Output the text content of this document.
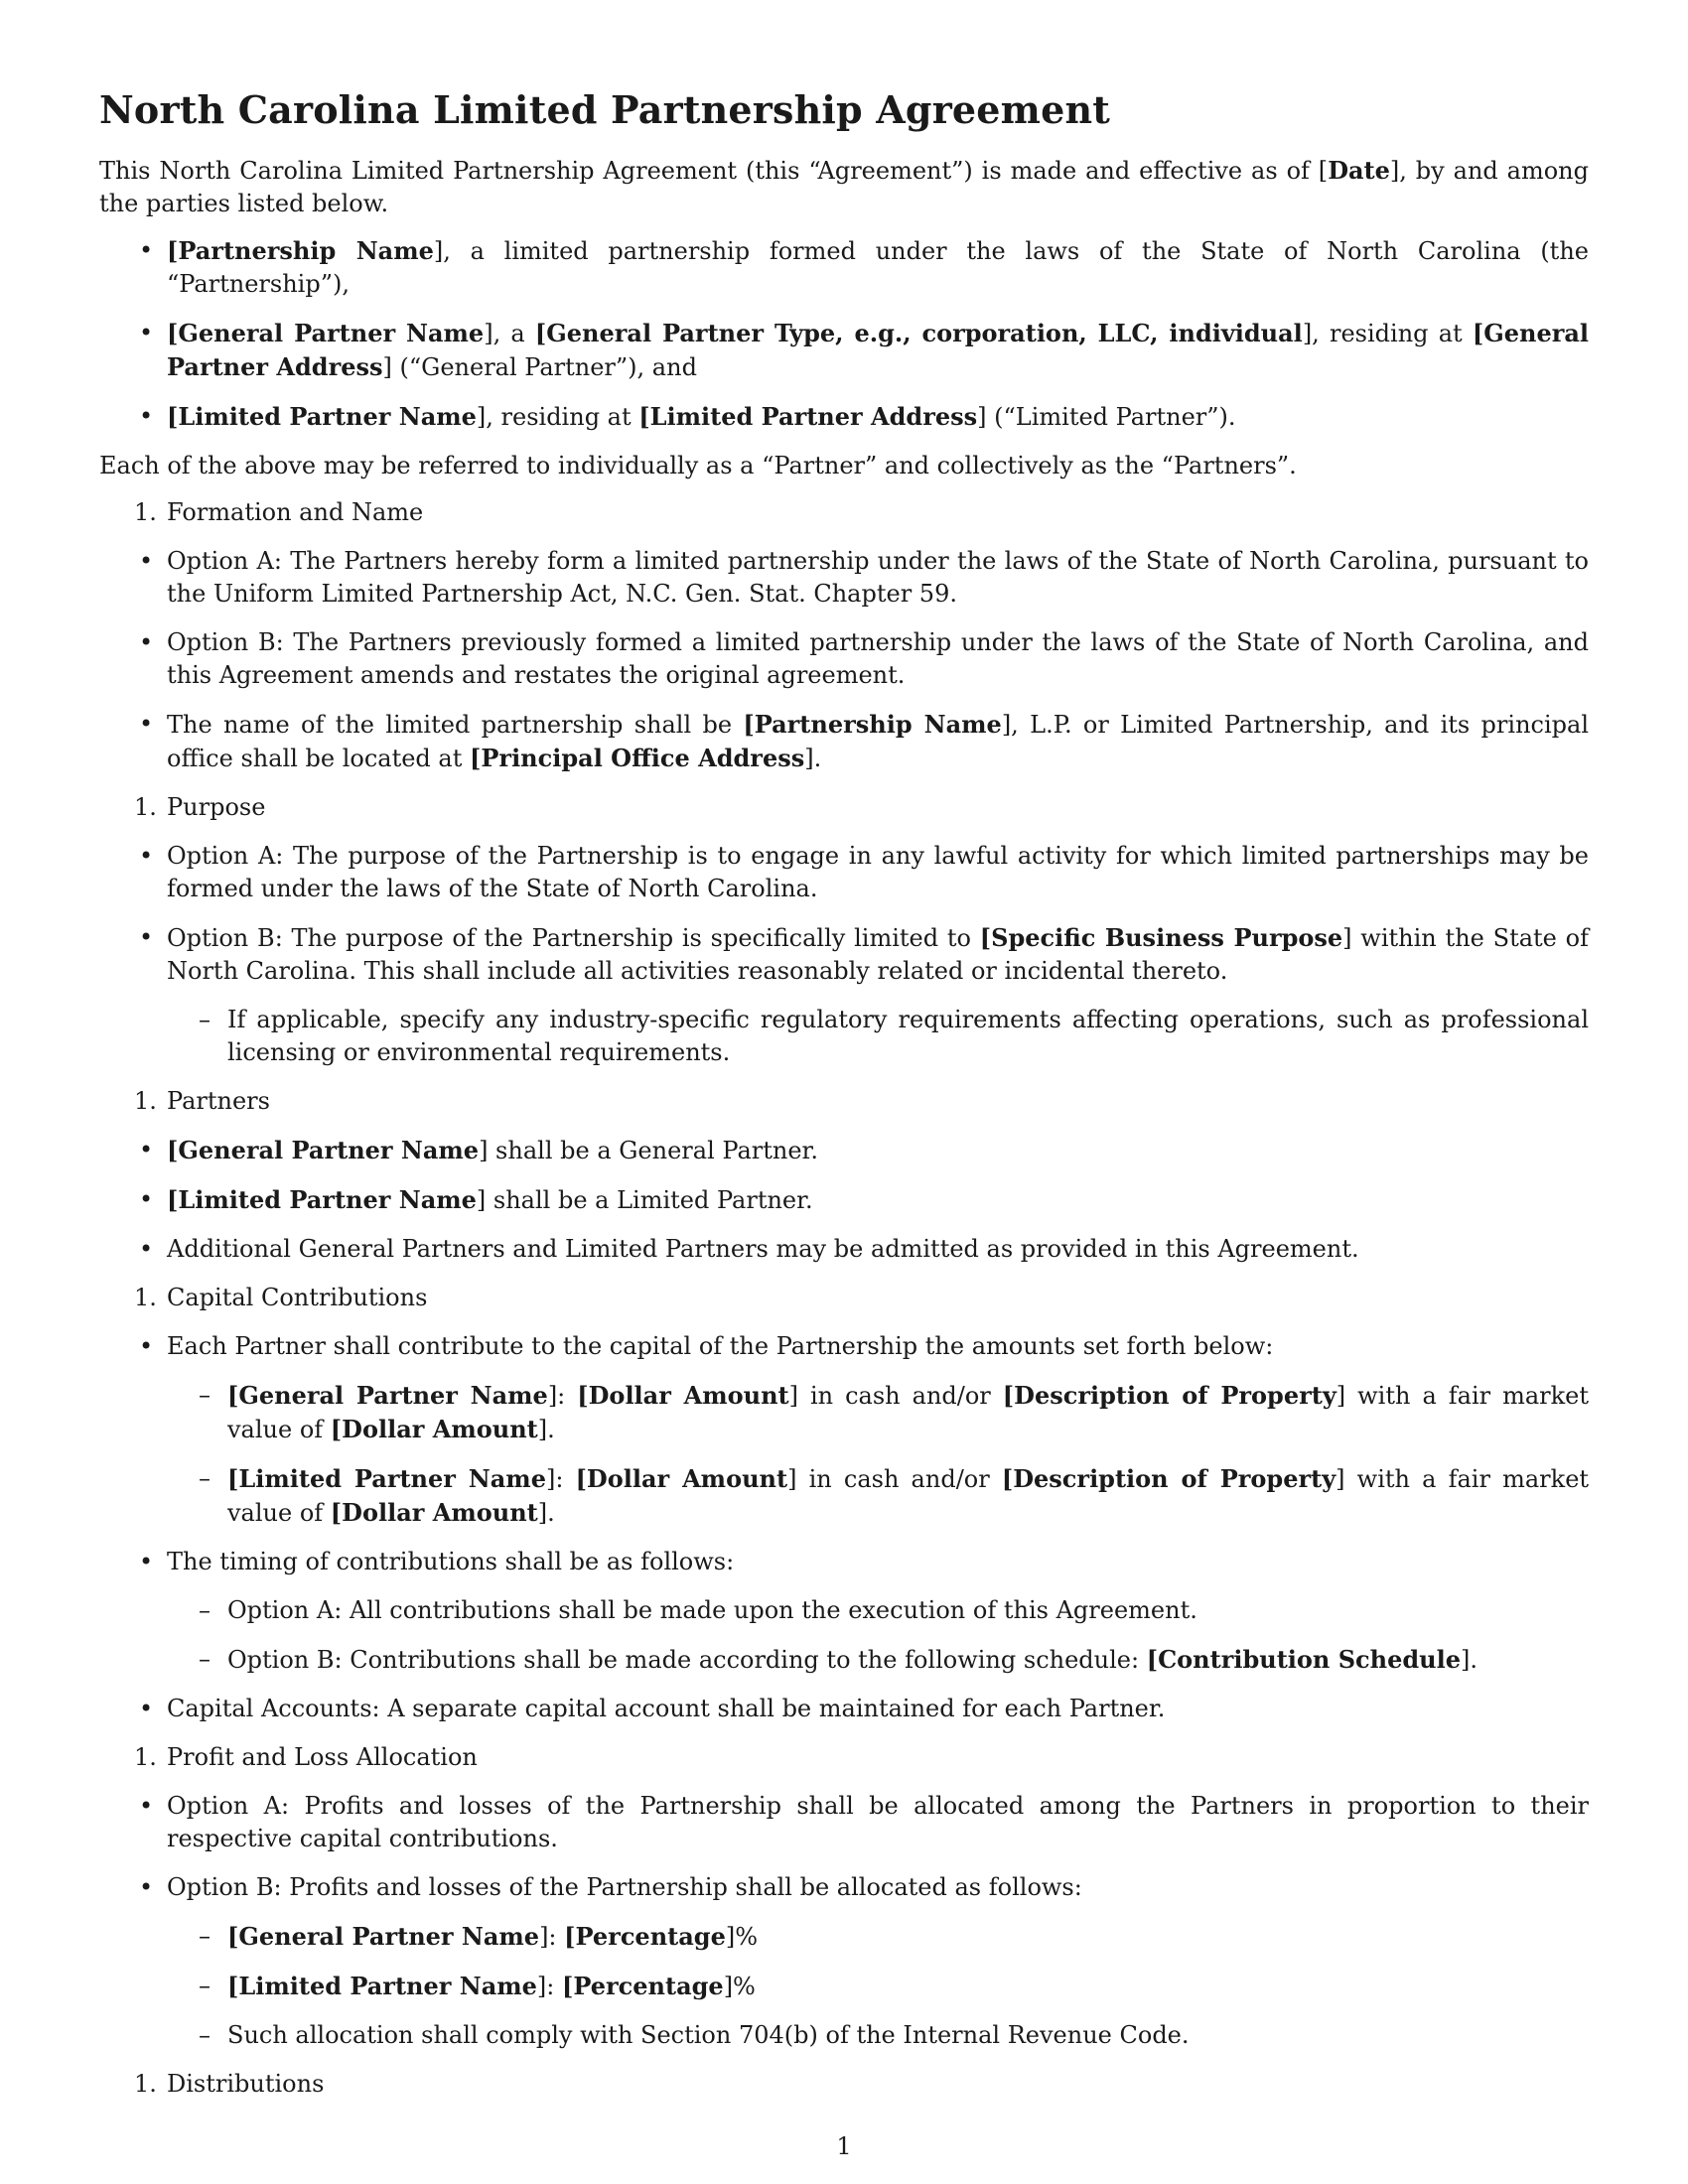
North Carolina Limited Partnership Agreement

This North Carolina Limited Partnership Agreement (this “Agreement”) is made and effective as of [Date], by and among the parties listed below.

• [Partnership Name], a limited partnership formed under the laws of the State of North Carolina (the “Partnership”),
• [General Partner Name], a [General Partner Type, e.g., corporation, LLC, individual], residing at [General Partner Address] (“General Partner”), and
• [Limited Partner Name], residing at [Limited Partner Address] (“Limited Partner”).

Each of the above may be referred to individually as a “Partner” and collectively as the “Partners”.

1. Formation and Name
• Option A: The Partners hereby form a limited partnership under the laws of the State of North Carolina, pursuant to the Uniform Limited Partnership Act, N.C. Gen. Stat. Chapter 59.
• Option B: The Partners previously formed a limited partnership under the laws of the State of North Carolina, and this Agreement amends and restates the original agreement.
• The name of the limited partnership shall be [Partnership Name], L.P. or Limited Partnership, and its principal office shall be located at [Principal Office Address].
1. Purpose
• Option A: The purpose of the Partnership is to engage in any lawful activity for which limited partnerships may be formed under the laws of the State of North Carolina.
• Option B: The purpose of the Partnership is specifically limited to [Specific Business Purpose] within the State of North Carolina. This shall include all activities reasonably related or incidental thereto.
– If applicable, specify any industry-specific regulatory requirements affecting operations, such as professional licensing or environmental requirements.
1. Partners
• [General Partner Name] shall be a General Partner.
• [Limited Partner Name] shall be a Limited Partner.
• Additional General Partners and Limited Partners may be admitted as provided in this Agreement.
1. Capital Contributions
• Each Partner shall contribute to the capital of the Partnership the amounts set forth below:
– [General Partner Name]: [Dollar Amount] in cash and/or [Description of Property] with a fair market value of [Dollar Amount].
– [Limited Partner Name]: [Dollar Amount] in cash and/or [Description of Property] with a fair market value of [Dollar Amount].
• The timing of contributions shall be as follows:
– Option A: All contributions shall be made upon the execution of this Agreement.
– Option B: Contributions shall be made according to the following schedule: [Contribution Schedule].
• Capital Accounts: A separate capital account shall be maintained for each Partner.
1. Profit and Loss Allocation
• Option A: Profits and losses of the Partnership shall be allocated among the Partners in proportion to their respective capital contributions.
• Option B: Profits and losses of the Partnership shall be allocated as follows:
– [General Partner Name]: [Percentage]%
– [Limited Partner Name]: [Percentage]%
– Such allocation shall comply with Section 704(b) of the Internal Revenue Code.
1. Distributions
1
